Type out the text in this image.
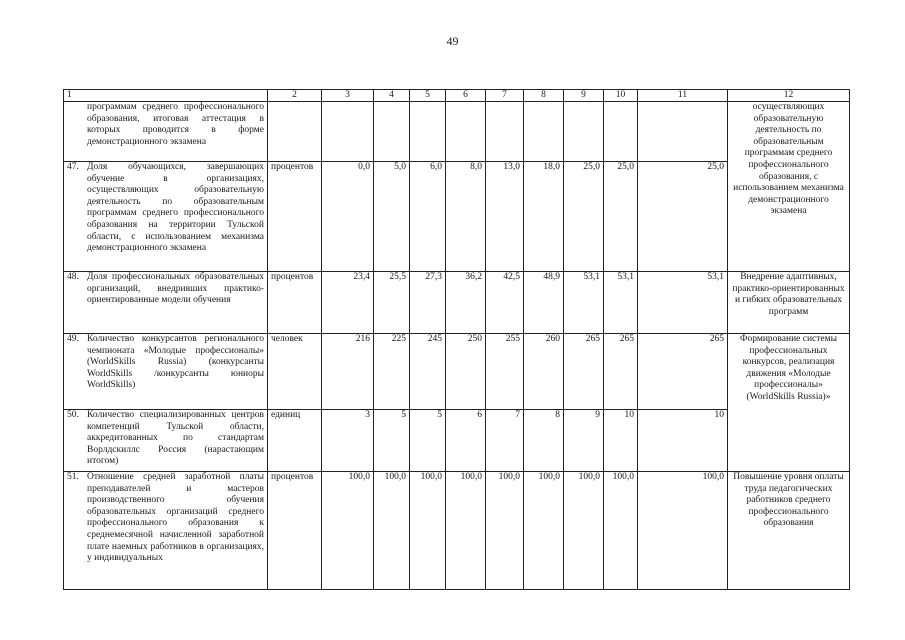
49
1	2	3	4	5	6	7	8	9	10	11	12

программам среднего профессионального образования, итоговая аттестация в которых проводится в форме демонстрационного экзамена											осуществляющих образовательную деятельность по образовательным программам среднего профессионального образования, с использованием механизма демонстрационного экзамена

47. Доля обучающихся, завершающих обучение в организациях, осуществляющих образовательную деятельность по образовательным программам среднего профессионального образования на территории Тульской области, с использованием механизма демонстрационного экзамена	процентов	0,0	5,0	6,0	8,0	13,0	18,0	25,0	25,0	25,0	

48. Доля профессиональных образовательных организаций, внедривших практико-ориентированные модели обучения	процентов	23,4	25,5	27,3	36,2	42,5	48,9	53,1	53,1	53,1	Внедрение адаптивных, практико-ориентированных и гибких образовательных программ

49. Количество конкурсантов регионального чемпионата «Молодые профессионалы» (WorldSkills Russia) (конкурсанты WorldSkills /конкурсанты юниоры WorldSkills)	человек	216	225	245	250	255	260	265	265	265	Формирование системы профессиональных конкурсов, реализация движения «Молодые профессионалы» (WorldSkills Russia)»

50. Количество специализированных центров компетенций Тульской области, аккредитованных по стандартам Ворлдскиллс Россия (нарастающим итогом)	единиц	3	5	5	6	7	8	9	10	10	

51. Отношение средней заработной платы преподавателей и мастеров производственного обучения образовательных организаций среднего профессионального образования к среднемесячной начисленной заработной плате наемных работников в организациях, у индивидуальных	процентов	100,0	100,0	100,0	100,0	100,0	100,0	100,0	100,0	100,0	Повышение уровня оплаты труда педагогических работников среднего профессионального образования
